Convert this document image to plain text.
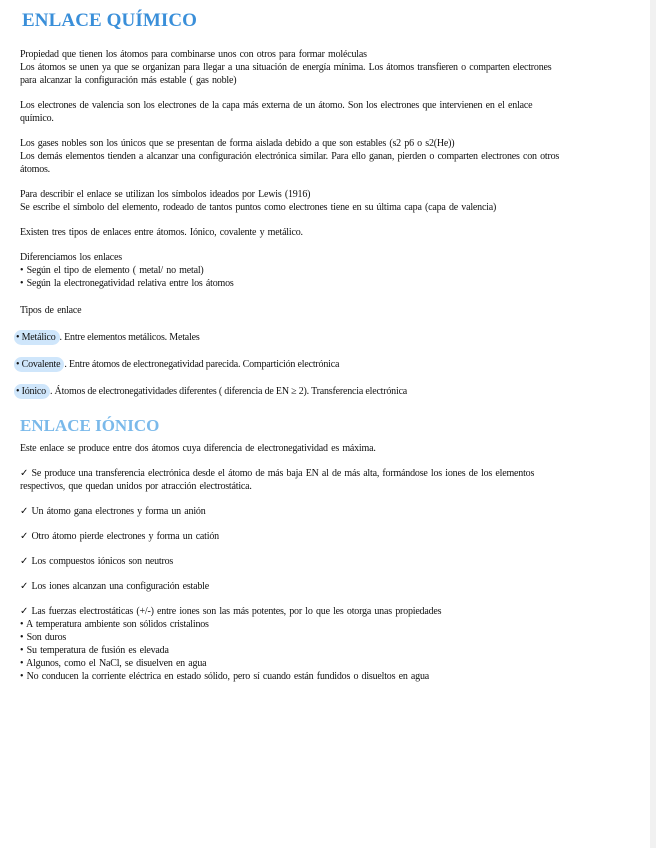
ENLACE QUÍMICO

Propiedad que tienen los átomos para combinarse unos con otros para formar moléculas

Los átomos se unen ya que se organizan para llegar a una situación de energía mínima. Los átomos transfieren o comparten electrones

para alcanzar la configuración más estable ( gas noble)

Los electrones de valencia son los electrones de la capa más externa de un átomo. Son los electrones que intervienen en el enlace

químico.

Los gases nobles son los únicos que se presentan de forma aislada debido a que son estables (s2 p6 o s2(He))

Los demás elementos tienden a alcanzar una configuración electrónica similar. Para ello ganan, pierden o comparten electrones con otros

átomos.

Para describir el enlace se utilizan los símbolos ideados por Lewis (1916)

Se escribe el símbolo del elemento, rodeado de tantos puntos como electrones tiene en su última capa (capa de valencia)

Existen tres tipos de enlaces entre átomos. Iónico, covalente y metálico.

Diferenciamos los enlaces

• Según el tipo de elemento ( metal/ no metal)

• Según la electronegatividad relativa entre los átomos

Tipos de enlace

• Metálico . Entre elementos metálicos. Metales

• Covalente . Entre átomos de electronegatividad parecida. Compartición electrónica

• Iónico . Átomos de electronegatividades diferentes ( diferencia de EN ≥ 2). Transferencia electrónica

ENLACE IÓNICO

Este enlace se produce entre dos átomos cuya diferencia de electronegatividad es máxima.

✓ Se produce una transferencia electrónica desde el átomo de más baja EN al de más alta, formándose los iones de los elementos

respectivos, que quedan unidos por atracción electrostática.

✓ Un átomo gana electrones y forma un anión

✓ Otro átomo pierde electrones y forma un catión

✓ Los compuestos iónicos son neutros

✓ Los iones alcanzan una configuración estable

✓ Las fuerzas electrostáticas (+/-) entre iones son las más potentes, por lo que les otorga unas propiedades

• A temperatura ambiente son sólidos cristalinos

• Son duros

• Su temperatura de fusión es elevada

• Algunos, como el NaCl, se disuelven en agua

• No conducen la corriente eléctrica en estado sólido, pero sí cuando están fundidos o disueltos en agua
